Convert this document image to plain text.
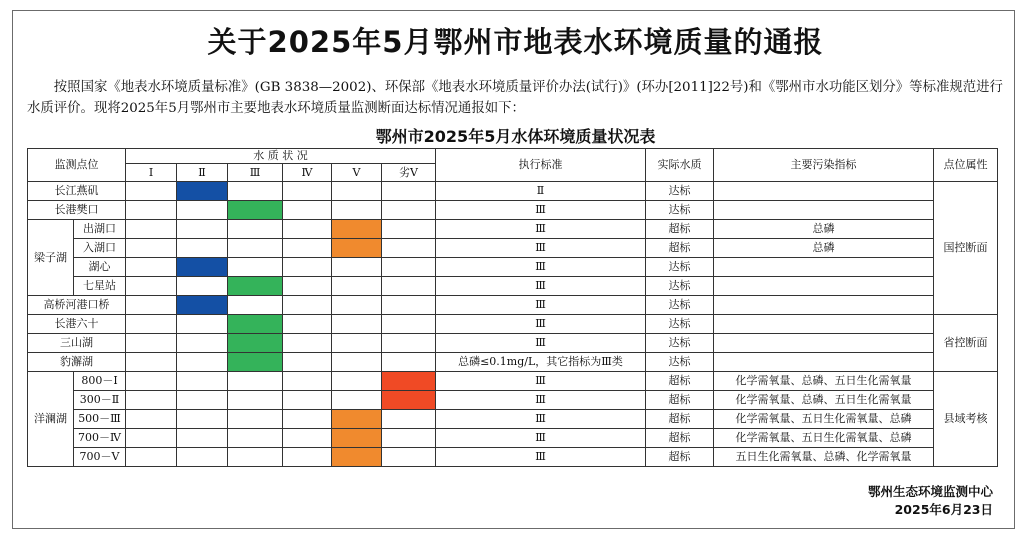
关于2025年5月鄂州市地表水环境质量的通报
按照国家《地表水环境质量标准》(GB 3838—2002)、环保部《地表水环境质量评价办法(试行)》(环办[2011]22号)和《鄂州市水功能区划分》等标准规范进行水质评价。现将2025年5月鄂州市主要地表水环境质量监测断面达标情况通报如下：
鄂州市2025年5月水体环境质量状况表
监测点位		水 质 状 况						执行标准	实际水质	主要污染指标	点位属性
		Ⅰ	Ⅱ	Ⅲ	Ⅳ	Ⅴ	劣Ⅴ				
长江燕矶								Ⅱ	达标		国控断面
长港樊口								Ⅲ	达标		
梁子湖	出湖口							Ⅲ	超标	总磷	
	入湖口							Ⅲ	超标	总磷	
	湖心							Ⅲ	达标		
	七星站							Ⅲ	达标		
高桥河港口桥								Ⅲ	达标		
长港六十								Ⅲ	达标		省控断面
三山湖								Ⅲ	达标		
豹澥湖								总磷≤0.1mg/L，其它指标为Ⅲ类	达标		
洋澜湖	800－Ⅰ							Ⅲ	超标	化学需氧量、总磷、五日生化需氧量	县域考核
	300－Ⅱ							Ⅲ	超标	化学需氧量、总磷、五日生化需氧量	
	500－Ⅲ							Ⅲ	超标	化学需氧量、五日生化需氧量、总磷	
	700－Ⅳ							Ⅲ	超标	化学需氧量、五日生化需氧量、总磷	
	700－Ⅴ							Ⅲ	超标	五日生化需氧量、总磷、化学需氧量	
鄂州生态环境监测中心
2025年6月23日
